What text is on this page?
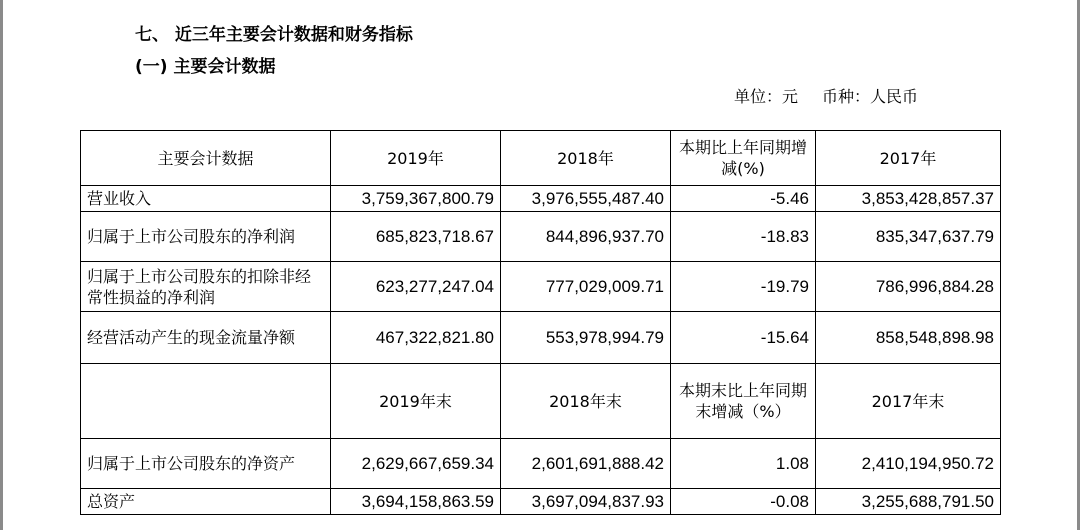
七、 近三年主要会计数据和财务指标
(一) 主要会计数据
单位：元 币种：人民币
主要会计数据	2019年	2018年	本期比上年同期增减(%)	2017年
营业收入	3,759,367,800.79	3,976,555,487.40	-5.46	3,853,428,857.37
归属于上市公司股东的净利润	685,823,718.67	844,896,937.70	-18.83	835,347,637.79
归属于上市公司股东的扣除非经常性损益的净利润	623,277,247.04	777,029,009.71	-19.79	786,996,884.28
经营活动产生的现金流量净额	467,322,821.80	553,978,994.79	-15.64	858,548,898.98
	2019年末	2018年末	本期末比上年同期末增减（%）	2017年末
归属于上市公司股东的净资产	2,629,667,659.34	2,601,691,888.42	1.08	2,410,194,950.72
总资产	3,694,158,863.59	3,697,094,837.93	-0.08	3,255,688,791.50
